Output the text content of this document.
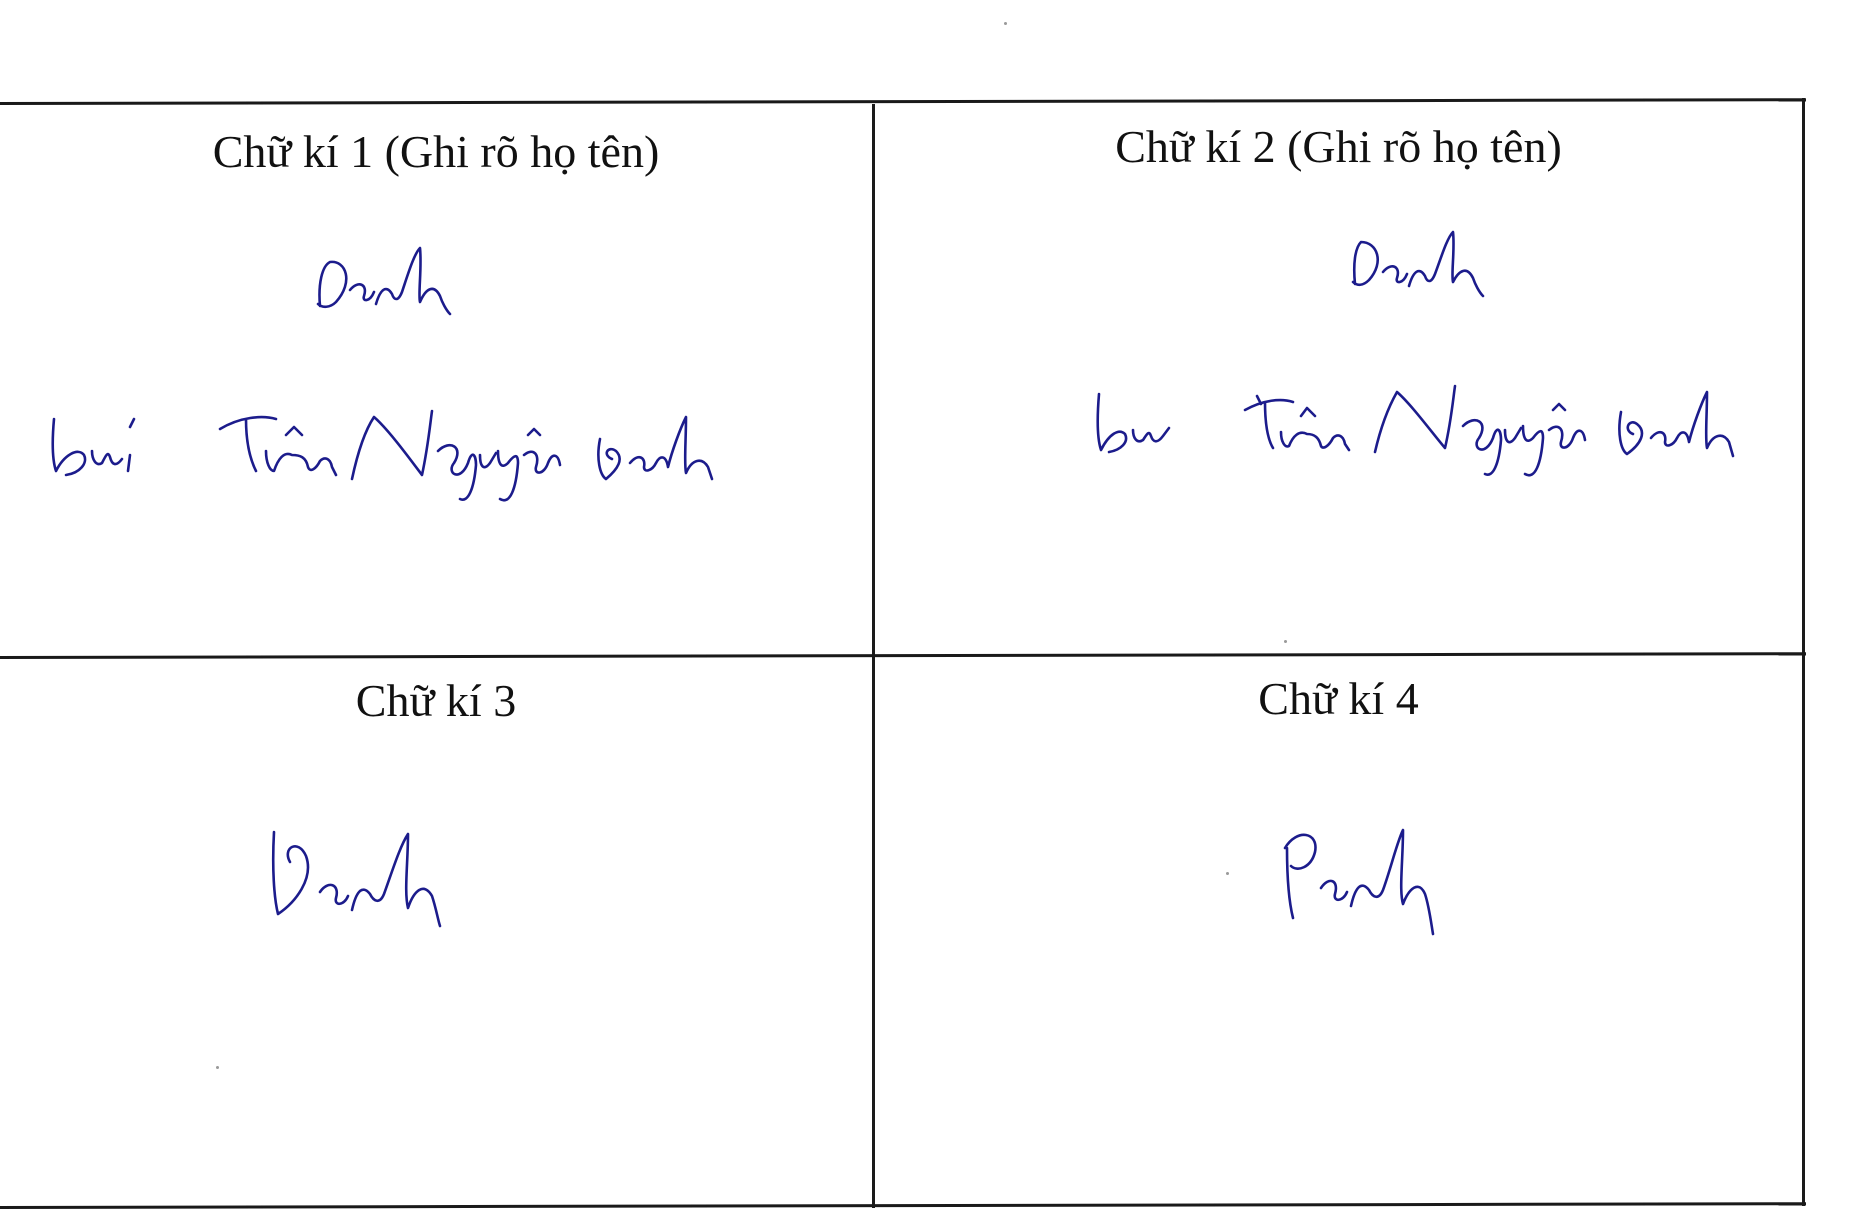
Chữ kí 1 (Ghi rõ họ tên)	Chữ kí 2 (Ghi rõ họ tên)
Chữ kí 3	Chữ kí 4
